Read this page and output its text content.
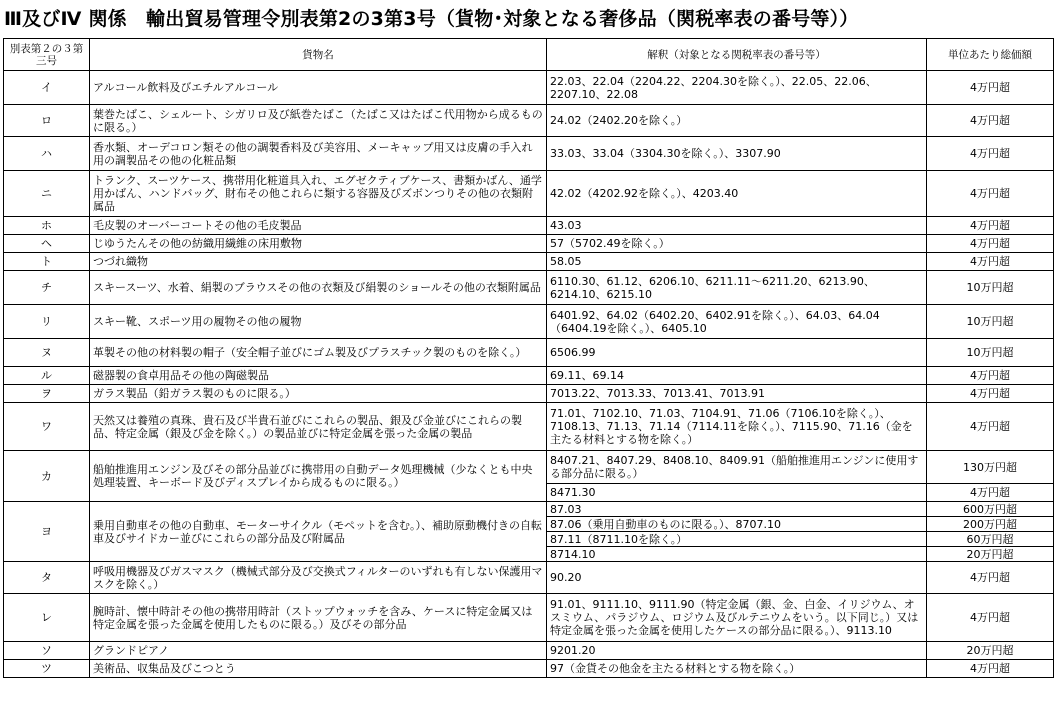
Ⅲ及びⅣ 関係　輸出貿易管理令別表第2の3第3号（貨物･対象となる奢侈品（関税率表の番号等））
別表第２の３第三号	貨物名	解釈（対象となる関税率表の番号等）	単位あたり総価額
イ	アルコール飲料及びエチルアルコール	22.03、22.04（2204.22、2204.30を除く。）、22.05、22.06、2207.10、22.08	4万円超
ロ	葉巻たばこ、シェルート、シガリロ及び紙巻たばこ（たばこ又はたばこ代用物から成るものに限る。）	24.02（2402.20を除く。）	4万円超
ハ	香水類、オーデコロン類その他の調製香料及び美容用、メーキャップ用又は皮膚の手入れ用の調製品その他の化粧品類	33.03、33.04（3304.30を除く。）、3307.90	4万円超
ニ	トランク、スーツケース、携帯用化粧道具入れ、エグゼクティブケース、書類かばん、通学用かばん、ハンドバッグ、財布その他これらに類する容器及びズボンつりその他の衣類附属品	42.02（4202.92を除く。）、4203.40	4万円超
ホ	毛皮製のオーバーコートその他の毛皮製品	43.03	4万円超
ヘ	じゆうたんその他の紡織用繊維の床用敷物	57（5702.49を除く。）	4万円超
ト	つづれ織物	58.05	4万円超
チ	スキースーツ、水着、絹製のブラウスその他の衣類及び絹製のショールその他の衣類附属品	6110.30、61.12、6206.10、6211.11～6211.20、6213.90、6214.10、6215.10	10万円超
リ	スキー靴、スポーツ用の履物その他の履物	6401.92、64.02（6402.20、6402.91を除く。）、64.03、64.04（6404.19を除く。）、6405.10	10万円超
ヌ	革製その他の材料製の帽子（安全帽子並びにゴム製及びプラスチック製のものを除く。）	6506.99	10万円超
ル	磁器製の食卓用品その他の陶磁製品	69.11、69.14	4万円超
ヲ	ガラス製品（鉛ガラス製のものに限る。）	7013.22、7013.33、7013.41、7013.91	4万円超
ワ	天然又は養殖の真珠、貴石及び半貴石並びにこれらの製品、銀及び金並びにこれらの製品、特定金属（銀及び金を除く。）の製品並びに特定金属を張った金属の製品	71.01、7102.10、71.03、7104.91、71.06（7106.10を除く。）、7108.13、71.13、71.14（7114.11を除く。）、7115.90、71.16（金を主たる材料とする物を除く。）	4万円超
カ	船舶推進用エンジン及びその部分品並びに携帯用の自動データ処理機械（少なくとも中央処理装置、キーボード及びディスプレイから成るものに限る。）	8407.21、8407.29、8408.10、8409.91（船舶推進用エンジンに使用する部分品に限る。）	130万円超
		8471.30	4万円超
ヨ	乗用自動車その他の自動車、モーターサイクル（モペットを含む。）、補助原動機付きの自転車及びサイドカー並びにこれらの部分品及び附属品	87.03	600万円超
		87.06（乗用自動車のものに限る。）、8707.10	200万円超
		87.11（8711.10を除く。）	60万円超
		8714.10	20万円超
タ	呼吸用機器及びガスマスク（機械式部分及び交換式フィルターのいずれも有しない保護用マスクを除く。）	90.20	4万円超
レ	腕時計、懐中時計その他の携帯用時計（ストップウォッチを含み、ケースに特定金属又は特定金属を張った金属を使用したものに限る。）及びその部分品	91.01、9111.10、9111.90（特定金属（銀、金、白金、イリジウム、オスミウム、パラジウム、ロジウム及びルテニウムをいう。以下同じ。）又は特定金属を張った金属を使用したケースの部分品に限る。）、9113.10	4万円超
ソ	グランドピアノ	9201.20	20万円超
ツ	美術品、収集品及びこつとう	97（金貨その他金を主たる材料とする物を除く。）	4万円超
